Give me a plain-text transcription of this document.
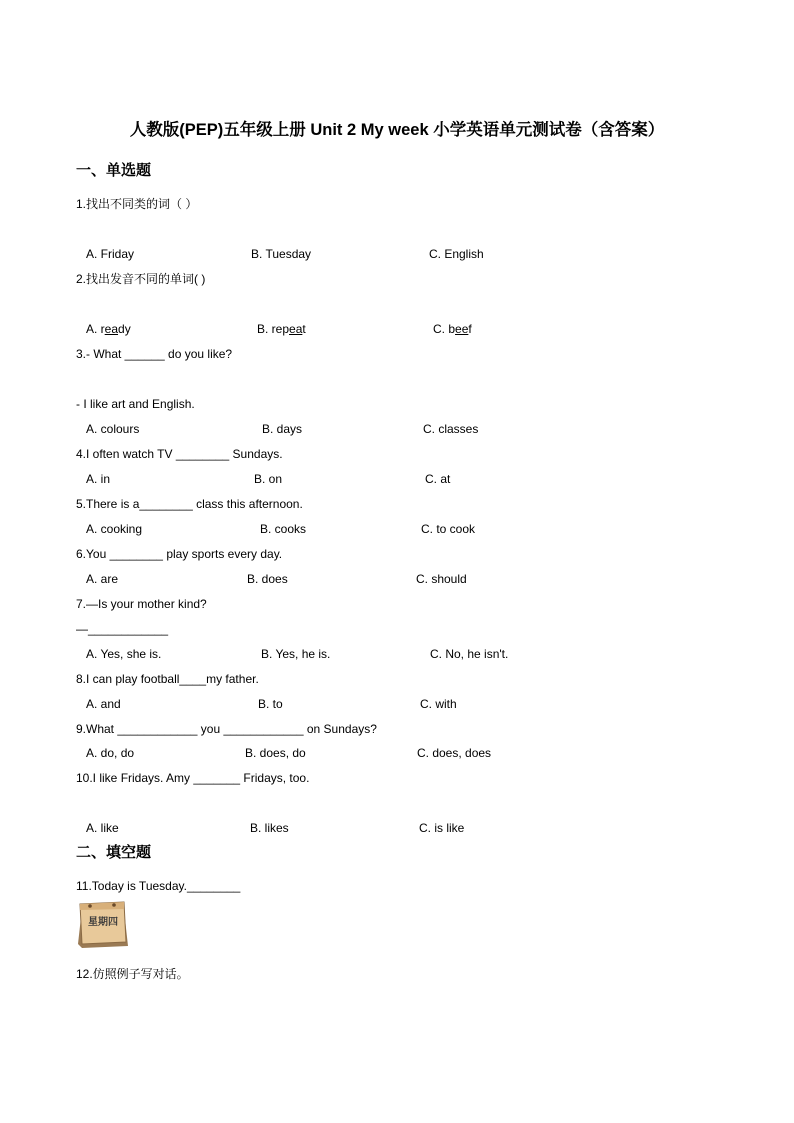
人教版(PEP)五年级上册 Unit 2 My week 小学英语单元测试卷（含答案）
一、单选题
1.找出不同类的词（ ）
A. Friday	B. Tuesday	C. English
2.找出发音不同的单词( )
A. ready	B. repeat	C. beef
3.- What ______ do you like?
- I like art and English.
A. colours	B. days	C. classes
4.I often watch TV ________ Sundays.
A. in	B. on	C. at
5.There is a________ class this afternoon.
A. cooking	B. cooks	C. to cook
6.You ________ play sports every day.
A. are	B. does	C. should
7.—Is your mother kind?
—____________
A. Yes, she is.	B. Yes, he is.	C. No, he isn't.
8.I can play football____my father.
A. and	B. to	C. with
9.What ____________ you ____________ on Sundays?
A. do, do	B. does, do	C. does, does
10.I like Fridays. Amy _______ Fridays, too.
A. like	B. likes	C. is like
二、填空题
11.Today is Tuesday.________
星期四
12.仿照例子写对话。
